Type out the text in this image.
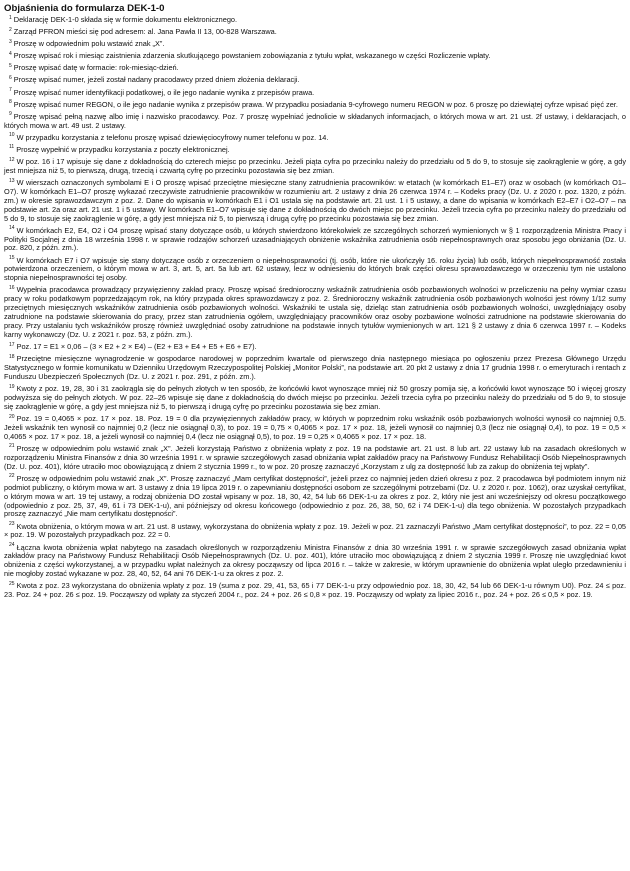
Objaśnienia do formularza DEK-1-0

$^1$ Deklarację DEK-1-0 składa się w formie dokumentu elektronicznego.

$^2$ Zarząd PFRON mieści się pod adresem: al. Jana Pawła II 13, 00-828 Warszawa.

$^3$ Proszę w odpowiednim polu wstawić znak „X”.

$^4$ Proszę wpisać rok i miesiąc zaistnienia zdarzenia skutkującego powstaniem zobowiązania z tytułu wpłat, wskazanego w części Rozliczenie wpłaty.

$^5$ Proszę wpisać datę w formacie: rok-miesiąc-dzień.

$^6$ Proszę wpisać numer, jeżeli został nadany pracodawcy przed dniem złożenia deklaracji.

$^7$ Proszę wpisać numer identyfikacji podatkowej, o ile jego nadanie wynika z przepisów prawa.

$^8$ Proszę wpisać numer REGON, o ile jego nadanie wynika z przepisów prawa. W przypadku posiadania 9-cyfrowego numeru REGON w poz. 6 proszę po dziewiątej cyfrze wpisać pięć zer.

$^9$ Proszę wpisać pełną nazwę albo imię i nazwisko pracodawcy. Poz. 7 proszę wypełniać jednolicie w składanych informacjach, o których mowa w art. 21 ust. 2f ustawy, i deklaracjach, o których mowa w art. 49 ust. 2 ustawy.

$^{10}$ W przypadku korzystania z telefonu proszę wpisać dziewięciocyfrowy numer telefonu w poz. 14.

$^{11}$ Proszę wypełnić w przypadku korzystania z poczty elektronicznej.

$^{12}$ W poz. 16 i 17 wpisuje się dane z dokładnością do czterech miejsc po przecinku. Jeżeli piąta cyfra po przecinku należy do przedziału od 5 do 9, to stosuje się zaokrąglenie w górę, a gdy jest mniejsza niż 5, to pierwszą, drugą, trzecią i czwartą cyfrę po przecinku pozostawia się bez zmian.

$^{13}$ W wierszach oznaczonych symbolami E i O proszę wpisać przeciętne miesięczne stany zatrudnienia pracowników: w etatach (w komórkach E1–E7) oraz w osobach (w komórkach O1–O7). W komórkach E1–O7 proszę wykazać rzeczywiste zatrudnienie pracowników w rozumieniu art. 2 ustawy z dnia 26 czerwca 1974 r. – Kodeks pracy (Dz. U. z 2020 r. poz. 1320, z późn. zm.) w okresie sprawozdawczym z poz. 2. Dane do wpisania w komórkach E1 i O1 ustala się na podstawie art. 21 ust. 1 i 5 ustawy, a dane do wpisania w komórkach E2–E7 i O2–O7 – na podstawie art. 2a oraz art. 21 ust. 1 i 5 ustawy. W komórkach E1–O7 wpisuje się dane z dokładnością do dwóch miejsc po przecinku. Jeżeli trzecia cyfra po przecinku należy do przedziału od 5 do 9, to stosuje się zaokrąglenie w górę, a gdy jest mniejsza niż 5, to pierwszą i drugą cyfrę po przecinku pozostawia się bez zmian.

$^{14}$ W komórkach E2, E4, O2 i O4 proszę wpisać stany dotyczące osób, u których stwierdzono którekolwiek ze szczególnych schorzeń wymienionych w § 1 rozporządzenia Ministra Pracy i Polityki Socjalnej z dnia 18 września 1998 r. w sprawie rodzajów schorzeń uzasadniających obniżenie wskaźnika zatrudnienia osób niepełnosprawnych oraz sposobu jego obniżania (Dz. U. poz. 820, z późn. zm.).

$^{15}$ W komórkach E7 i O7 wpisuje się stany dotyczące osób z orzeczeniem o niepełnosprawności (tj. osób, które nie ukończyły 16. roku życia) lub osób, których niepełnosprawność została potwierdzona orzeczeniem, o którym mowa w art. 3, art. 5, art. 5a lub art. 62 ustawy, lecz w odniesieniu do których brak części okresu sprawozdawczego w orzeczeniu tym nie ustalono stopnia niepełnosprawności tej osoby.

$^{16}$ Wypełnia pracodawca prowadzący przywięzienny zakład pracy. Proszę wpisać średnioroczny wskaźnik zatrudnienia osób pozbawionych wolności w przeliczeniu na pełny wymiar czasu pracy w roku podatkowym poprzedzającym rok, na który przypada okres sprawozdawczy z poz. 2. Średnioroczny wskaźnik zatrudnienia osób pozbawionych wolności jest równy 1/12 sumy przeciętnych miesięcznych wskaźników zatrudnienia osób pozbawionych wolności. Wskaźniki te ustala się, dzieląc stan zatrudnienia osób pozbawionych wolności, uwzględniający osoby zatrudnione na podstawie skierowania do pracy, przez stan zatrudnienia ogółem, uwzględniający pracowników oraz osoby pozbawione wolności zatrudnione na podstawie skierowania do pracy. Przy ustalaniu tych wskaźników proszę również uwzględniać osoby zatrudnione na podstawie innych tytułów wymienionych w art. 121 § 2 ustawy z dnia 6 czerwca 1997 r. – Kodeks karny wykonawczy (Dz. U. z 2021 r. poz. 53, z późn. zm.).

$^{17}$ Poz. 17 = E1 × 0,06 – (3 × E2 + 2 × E4) – (E2 + E3 + E4 + E5 + E6 + E7).

$^{18}$ Przeciętne miesięczne wynagrodzenie w gospodarce narodowej w poprzednim kwartale od pierwszego dnia następnego miesiąca po ogłoszeniu przez Prezesa Głównego Urzędu Statystycznego w formie komunikatu w Dzienniku Urzędowym Rzeczypospolitej Polskiej „Monitor Polski”, na podstawie art. 20 pkt 2 ustawy z dnia 17 grudnia 1998 r. o emeryturach i rentach z Funduszu Ubezpieczeń Społecznych (Dz. U. z 2021 r. poz. 291, z późn. zm.).

$^{19}$ Kwoty z poz. 19, 28, 30 i 31 zaokrągla się do pełnych złotych w ten sposób, że końcówki kwot wynoszące mniej niż 50 groszy pomija się, a końcówki kwot wynoszące 50 i więcej groszy podwyższa się do pełnych złotych. W poz. 22–26 wpisuje się dane z dokładnością do dwóch miejsc po przecinku. Jeżeli trzecia cyfra po przecinku należy do przedziału od 5 do 9, to stosuje się zaokrąglenie w górę, a gdy jest mniejsza niż 5, to pierwszą i drugą cyfrę po przecinku pozostawia się bez zmian.

$^{20}$ Poz. 19 = 0,4065 × poz. 17 × poz. 18. Poz. 19 = 0 dla przywięziennych zakładów pracy, w których w poprzednim roku wskaźnik osób pozbawionych wolności wynosił co najmniej 0,5. Jeżeli wskaźnik ten wynosił co najmniej 0,2 (lecz nie osiągnął 0,3), to poz. 19 = 0,75 × 0,4065 × poz. 17 × poz. 18, jeżeli wynosił co najmniej 0,3 (lecz nie osiągnął 0,4), to poz. 19 = 0,5 × 0,4065 × poz. 17 × poz. 18, a jeżeli wynosił co najmniej 0,4 (lecz nie osiągnął 0,5), to poz. 19 = 0,25 × 0,4065 × poz. 17 × poz. 18.

$^{21}$ Proszę w odpowiednim polu wstawić znak „X”. Jeżeli korzystają Państwo z obniżenia wpłaty z poz. 19 na podstawie art. 21 ust. 8 lub art. 22 ustawy lub na zasadach określonych w rozporządzeniu Ministra Finansów z dnia 30 września 1991 r. w sprawie szczegółowych zasad obniżania wpłat zakładów pracy na Państwowy Fundusz Rehabilitacji Osób Niepełnosprawnych (Dz. U. poz. 401), które utraciło moc obowiązującą z dniem 2 stycznia 1999 r., to w poz. 20 proszę zaznaczyć „Korzystam z ulg za dostępność lub za zakup do obniżenia tej wpłaty”.

$^{22}$ Proszę w odpowiednim polu wstawić znak „X”. Proszę zaznaczyć „Mam certyfikat dostępności”, jeżeli przez co najmniej jeden dzień okresu z poz. 2 pracodawca był podmiotem innym niż podmiot publiczny, o którym mowa w art. 3 ustawy z dnia 19 lipca 2019 r. o zapewnianiu dostępności osobom ze szczególnymi potrzebami (Dz. U. z 2020 r. poz. 1062), oraz uzyskał certyfikat, o którym mowa w art. 19 tej ustawy, a rodzaj obniżenia DO został wpisany w poz. 18, 30, 42, 54 lub 66 DEK-1-u za okres z poz. 2, który nie jest ani wcześniejszy od okresu początkowego (odpowiednio z poz. 25, 37, 49, 61 i 73 DEK-1-u), ani późniejszy od okresu końcowego (odpowiednio z poz. 26, 38, 50, 62 i 74 DEK-1-u) dla tego obniżenia. W pozostałych przypadkach proszę zaznaczyć „Nie mam certyfikatu dostępności”.

$^{23}$ Kwota obniżenia, o którym mowa w art. 21 ust. 8 ustawy, wykorzystana do obniżenia wpłaty z poz. 19. Jeżeli w poz. 21 zaznaczyli Państwo „Mam certyfikat dostępności”, to poz. 22 = 0,05 × poz. 19. W pozostałych przypadkach poz. 22 = 0.

$^{24}$ Łączna kwota obniżenia wpłat nabytego na zasadach określonych w rozporządzeniu Ministra Finansów z dnia 30 września 1991 r. w sprawie szczegółowych zasad obniżania wpłat zakładów pracy na Państwowy Fundusz Rehabilitacji Osób Niepełnosprawnych (Dz. U. poz. 401), które utraciło moc obowiązującą z dniem 2 stycznia 1999 r. Proszę nie uwzględniać kwot obniżenia z części wykorzystanej, a w przypadku wpłat należnych za okresy począwszy od lipca 2016 r. – także w zakresie, w którym uprawnienie do obniżenia wpłat uległo przedawnieniu i nie mogłoby zostać wykazane w poz. 28, 40, 52, 64 ani 76 DEK-1-u za okres z poz. 2.

$^{25}$ Kwota z poz. 23 wykorzystana do obniżenia wpłaty z poz. 19 (suma z poz. 29, 41, 53, 65 i 77 DEK-1-u przy odpowiednio poz. 18, 30, 42, 54 lub 66 DEK-1-u równym U0). Poz. 24 ≤ poz. 23. Poz. 24 + poz. 26 ≤ poz. 19. Począwszy od wpłaty za styczeń 2004 r., poz. 24 + poz. 26 ≤ 0,8 × poz. 19. Począwszy od wpłaty za lipiec 2016 r., poz. 24 + poz. 26 ≤ 0,5 × poz. 19.
